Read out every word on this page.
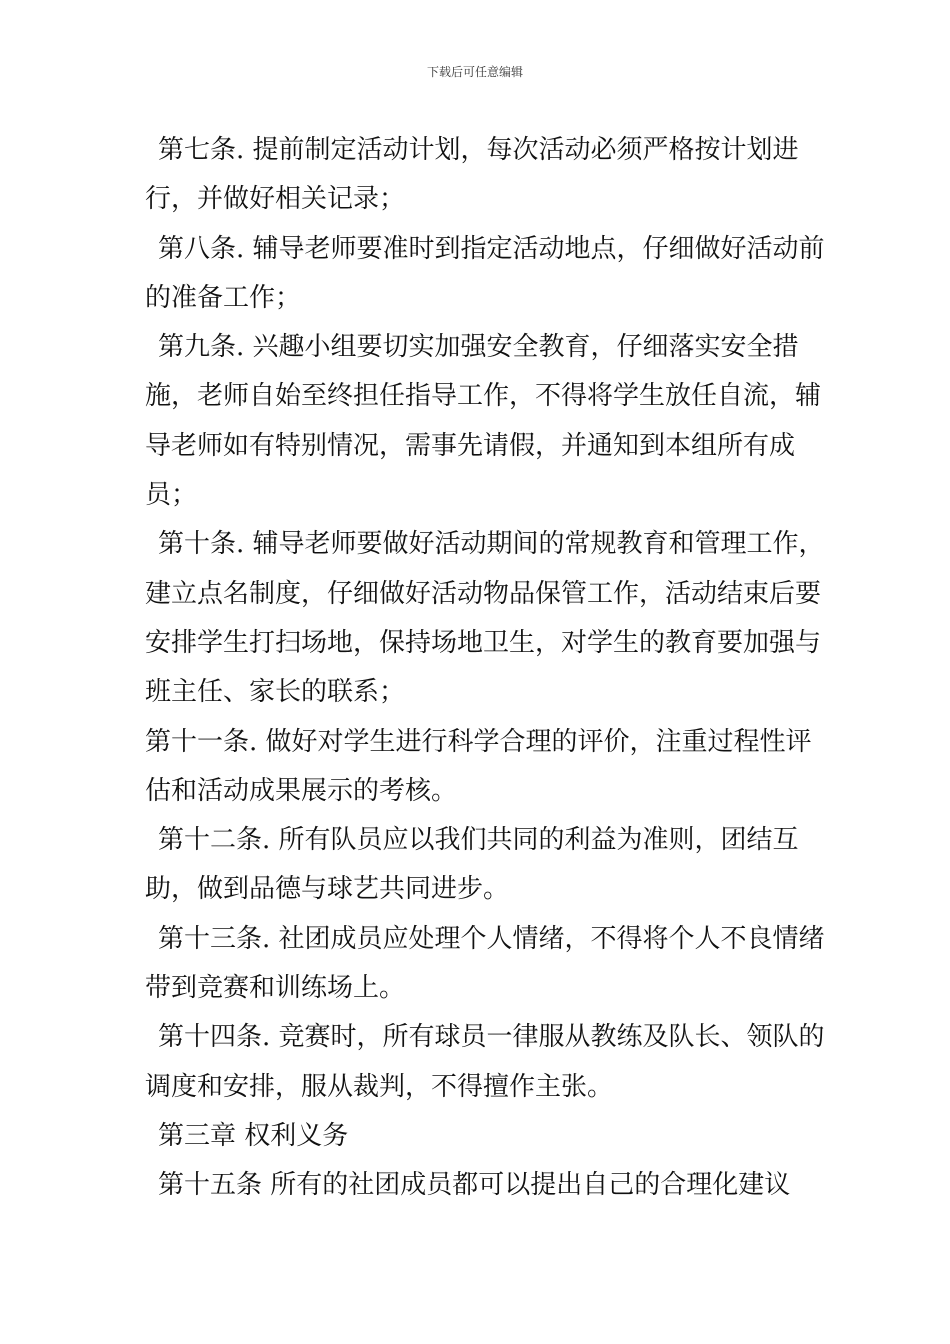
下载后可任意编辑

第七条. 提前制定活动计划，每次活动必须严格按计划进行，并做好相关记录；

第八条. 辅导老师要准时到指定活动地点，仔细做好活动前的准备工作；

第九条. 兴趣小组要切实加强安全教育，仔细落实安全措施，老师自始至终担任指导工作，不得将学生放任自流，辅导老师如有特别情况，需事先请假，并通知到本组所有成员；

第十条. 辅导老师要做好活动期间的常规教育和管理工作，建立点名制度，仔细做好活动物品保管工作，活动结束后要安排学生打扫场地，保持场地卫生，对学生的教育要加强与班主任、家长的联系；

第十一条. 做好对学生进行科学合理的评价，注重过程性评估和活动成果展示的考核。

第十二条. 所有队员应以我们共同的利益为准则，团结互助，做到品德与球艺共同进步。

第十三条. 社团成员应处理个人情绪，不得将个人不良情绪带到竞赛和训练场上。

第十四条. 竞赛时，所有球员一律服从教练及队长、领队的调度和安排，服从裁判，不得擅作主张。

第三章 权利义务

第十五条 所有的社团成员都可以提出自己的合理化建议
